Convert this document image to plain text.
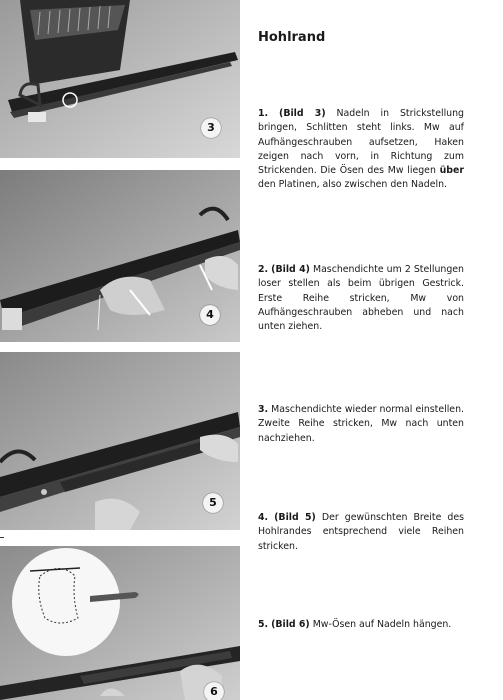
3
4
5
6
Hohlrand
1. (Bild 3) Nadeln in Strickstellung bringen, Schlitten steht links. Mw auf Aufhängeschrauben aufsetzen, Haken zeigen nach vorn, in Richtung zum Strickenden. Die Ösen des Mw liegen über den Platinen, also zwischen den Nadeln.
2. (Bild 4) Maschendichte um 2 Stellungen loser stellen als beim übrigen Gestrick. Erste Reihe stricken, Mw von Aufhängeschrauben abheben und nach unten ziehen.
3. Maschendichte wieder normal einstellen. Zweite Reihe stricken, Mw nach unten nachziehen.
4. (Bild 5) Der gewünschten Breite des Hohlrandes entsprechend viele Reihen stricken.
5. (Bild 6) Mw-Ösen auf Nadeln hängen.
